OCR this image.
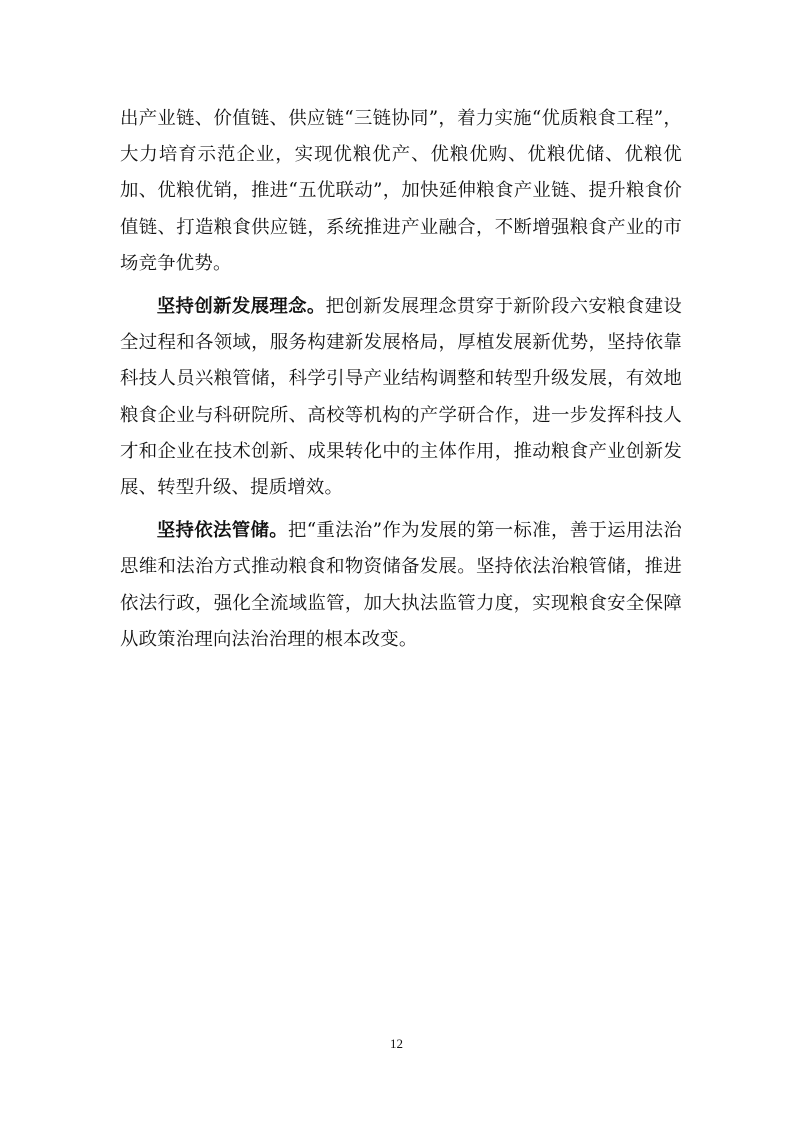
出产业链、价值链、供应链“三链协同”，着力实施“优质粮食工程”，大力培育示范企业，实现优粮优产、优粮优购、优粮优储、优粮优加、优粮优销，推进“五优联动”，加快延伸粮食产业链、提升粮食价值链、打造粮食供应链，系统推进产业融合，不断增强粮食产业的市场竞争优势。

坚持创新发展理念。把创新发展理念贯穿于新阶段六安粮食建设全过程和各领域，服务构建新发展格局，厚植发展新优势，坚持依靠科技人员兴粮管储，科学引导产业结构调整和转型升级发展，有效地粮食企业与科研院所、高校等机构的产学研合作，进一步发挥科技人才和企业在技术创新、成果转化中的主体作用，推动粮食产业创新发展、转型升级、提质增效。

坚持依法管储。把“重法治”作为发展的第一标准，善于运用法治思维和法治方式推动粮食和物资储备发展。坚持依法治粮管储，推进依法行政，强化全流域监管，加大执法监管力度，实现粮食安全保障从政策治理向法治治理的根本改变。

12
